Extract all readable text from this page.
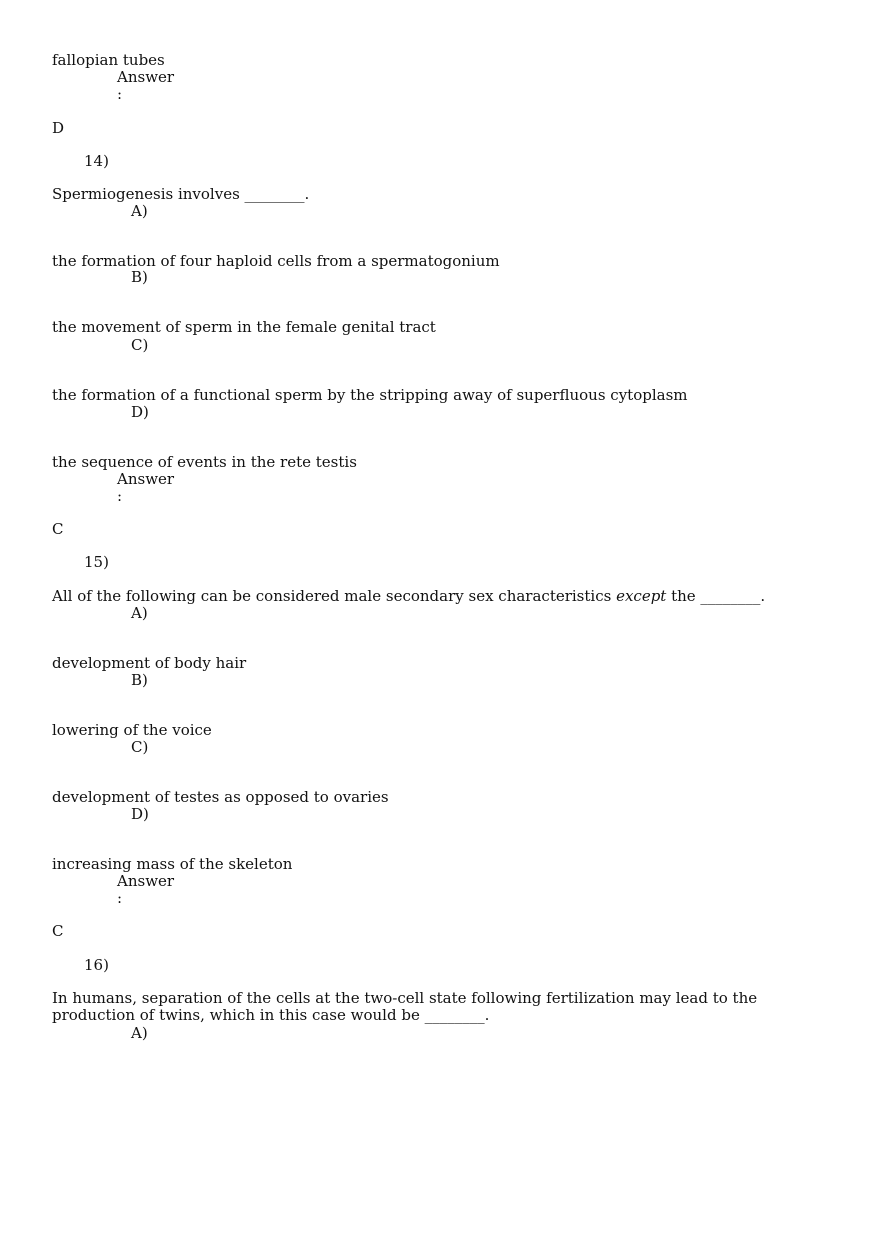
fallopian tubes
Answer
:
D
14)
Spermiogenesis involves ________.
A)
the formation of four haploid cells from a spermatogonium
B)
the movement of sperm in the female genital tract
C)
the formation of a functional sperm by the stripping away of superfluous cytoplasm
D)
the sequence of events in the rete testis
Answer
:
C
15)
All of the following can be considered male secondary sex characteristics except the ________.
A)
development of body hair
B)
lowering of the voice
C)
development of testes as opposed to ovaries
D)
increasing mass of the skeleton
Answer
:
C
16)
In humans, separation of the cells at the two-cell state following fertilization may lead to the production of twins, which in this case would be ________.
A)
